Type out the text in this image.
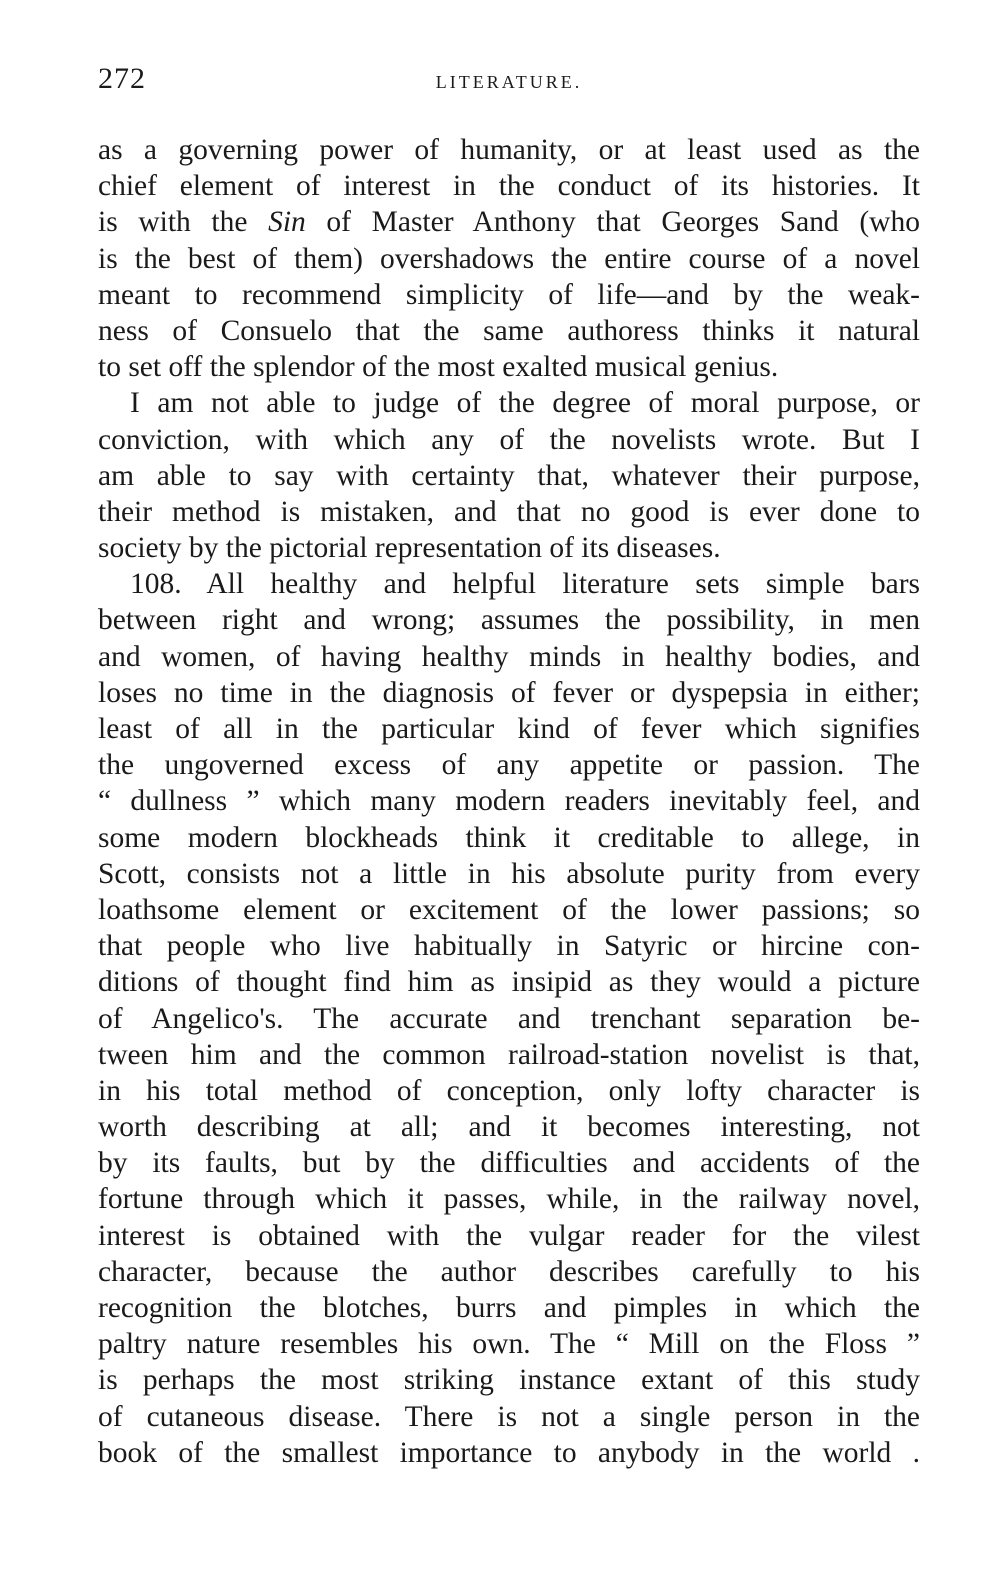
272	LITERATURE.
as a governing power of humanity, or at least used as the
chief element of interest in the conduct of its histories. It
is with the Sin of Master Anthony that Georges Sand (who
is the best of them) overshadows the entire course of a novel
meant to recommend simplicity of life—and by the weak-
ness of Consuelo that the same authoress thinks it natural
to set off the splendor of the most exalted musical genius.
I am not able to judge of the degree of moral purpose, or
conviction, with which any of the novelists wrote. But I
am able to say with certainty that, whatever their purpose,
their method is mistaken, and that no good is ever done to
society by the pictorial representation of its diseases.
108. All healthy and helpful literature sets simple bars
between right and wrong; assumes the possibility, in men
and women, of having healthy minds in healthy bodies, and
loses no time in the diagnosis of fever or dyspepsia in either;
least of all in the particular kind of fever which signifies
the ungoverned excess of any appetite or passion. The
“ dullness ” which many modern readers inevitably feel, and
some modern blockheads think it creditable to allege, in
Scott, consists not a little in his absolute purity from every
loathsome element or excitement of the lower passions; so
that people who live habitually in Satyric or hircine con-
ditions of thought find him as insipid as they would a picture
of Angelico's. The accurate and trenchant separation be-
tween him and the common railroad-station novelist is that,
in his total method of conception, only lofty character is
worth describing at all; and it becomes interesting, not
by its faults, but by the difficulties and accidents of the
fortune through which it passes, while, in the railway novel,
interest is obtained with the vulgar reader for the vilest
character, because the author describes carefully to his
recognition the blotches, burrs and pimples in which the
paltry nature resembles his own. The “ Mill on the Floss ”
is perhaps the most striking instance extant of this study
of cutaneous disease. There is not a single person in the
book of the smallest importance to anybody in the world .
